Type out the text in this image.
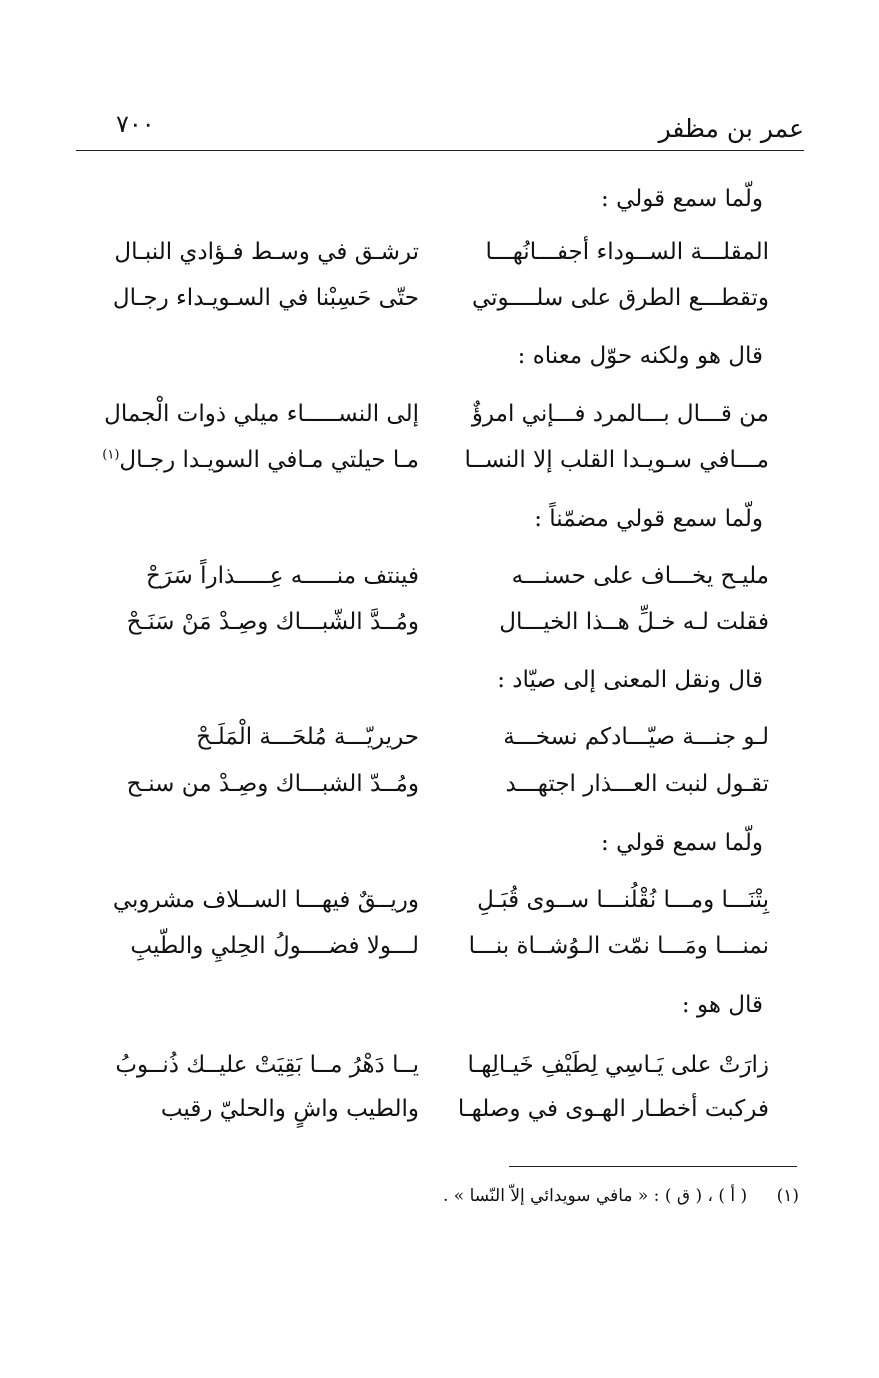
عمر بن مظفر
٧٠٠
ولّما سمع قولي :
المقلـــة الســوداء أجفـــانُهـــا
ترشـق في وسـط فـؤادي النبـال
وتقطـــع الطرق على سلــــوتي
حتّى حَسِبْنا في السـويـداء رجـال
قال هو ولكنه حوّل معناه :
من قـــال بـــالمرد فـــإني امرؤٌ
إلى النســـــاء ميلي ذوات الْجمال
مـــافي سـويـدا القلب إلا النســا
مـا حيلتي مـافي السويـدا رجـال$^{(١)}$
ولّما سمع قولي مضمّناً :
مليـح يخـــاف على حسنـــه
فينتف منـــــه عِـــــذاراً سَرَحْ
فقلت لـه خـلِّ هــذا الخيـــال
ومُــدَّ الشّبـــاك وصِـدْ مَنْ سَنَـحْ
قال ونقل المعنى إلى صيّاد :
لـو جنـــة صيّـــادكم نسخـــة
حريريّـــة مُلحَـــة الْمَلَـحْ
تقـول لنبت العـــذار اجتهـــد
ومُــدّ الشبـــاك وصِـدْ من سنـح
ولّما سمع قولي :
بِتْنَـــا ومـــا نُقْلُنـــا ســوى قُبَـلِ
وريــقٌ فيهـــا الســلاف مشروبي
نمنـــا ومَـــا نمّت الـوُشــاة بنـــا
لـــولا فضــــولُ الحِليِ والطّيبِ
قال هو :
زارَتْ على يَـاسِي لِطَيْفِ خَيـالِهـا
يــا دَهْرُ مــا بَقِيَتْ عليــك ذُنــوبُ
فركبت أخطـار الهـوى في وصلهـا
والطيب واشٍ والحليّ رقيب
(١) ( أ ) ، ( ق ) : « مافي سويدائي إلاّ النّسا » .
